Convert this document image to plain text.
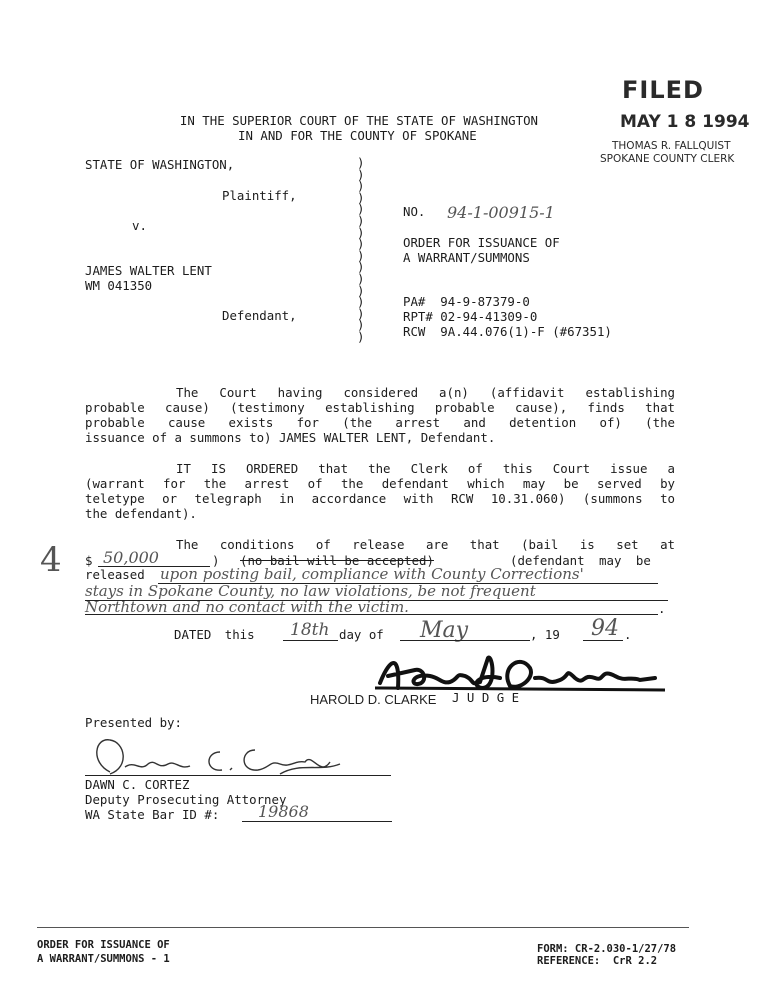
FILED
MAY 1 8 1994
THOMAS R. FALLQUIST
SPOKANE COUNTY CLERK

IN THE SUPERIOR COURT OF THE STATE OF WASHINGTON

IN AND FOR THE COUNTY OF SPOKANE
STATE OF WASHINGTON,
Plaintiff,
v.
JAMES WALTER LENT
WM 041350
Defendant,
)
)
)
)
)
)
)
)
)
)
)
)
)
)
)
)
NO. 94-1-00915-1
ORDER FOR ISSUANCE OF
A WARRANT/SUMMONS
PA#  94-9-87379-0
RPT# 02-94-41309-0
RCW  9A.44.076(1)-F (#67351)
The Court having considered a(n) (affidavit establishing
probable cause) (testimony establishing probable cause), finds that
probable cause exists for (the arrest and detention of) (the
issuance of a summons to) JAMES WALTER LENT, Defendant.
IT IS ORDERED that the Clerk of this Court issue a
(warrant for the arrest of the defendant which may be served by
teletype or telegraph in accordance with RCW 10.31.060) (summons to
the defendant).
4	The conditions of release are that (bail is set at
$ 50,000	) (no bail will be accepted)	(defendant may be
released upon posting bail, compliance with County Corrections'
stays in Spokane County, no law violations, be not frequent
Northtown and no contact with the victim.	.
DATED this 18th day of May	, 19 94 .
HAROLD D. CLARKE J U D G E
Presented by:
DAWN C. CORTEZ
Deputy Prosecuting Attorney
WA State Bar ID #: 19868
ORDER FOR ISSUANCE OF
A WARRANT/SUMMONS - 1
FORM: CR-2.030-1/27/78
REFERENCE:  CrR 2.2
